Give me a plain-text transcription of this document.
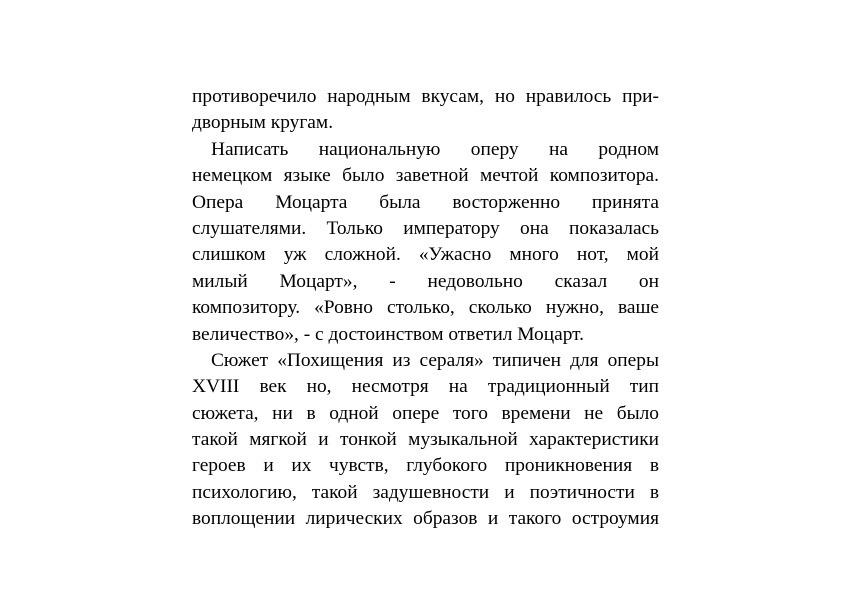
противоречило народным вкусам, но нравилось при-
дворным кругам.
Написать национальную оперу на родном
немецком языке было заветной мечтой композитора.
Опера Моцарта была восторженно принята
слушателями. Только императору она показалась
слишком уж сложной. «Ужасно много нот, мой
милый Моцарт», - недовольно сказал он
композитору. «Ровно столько, сколько нужно, ваше
величество», - с достоинством ответил Моцарт.
Сюжет «Похищения из сераля» типичен для оперы
XVIII век но, несмотря на традиционный тип
сюжета, ни в одной опере того времени не было
такой мягкой и тонкой музыкальной характеристики
героев и их чувств, глубокого проникновения в
психологию, такой задушевности и поэтичности в
воплощении лирических образов и такого остроумия
